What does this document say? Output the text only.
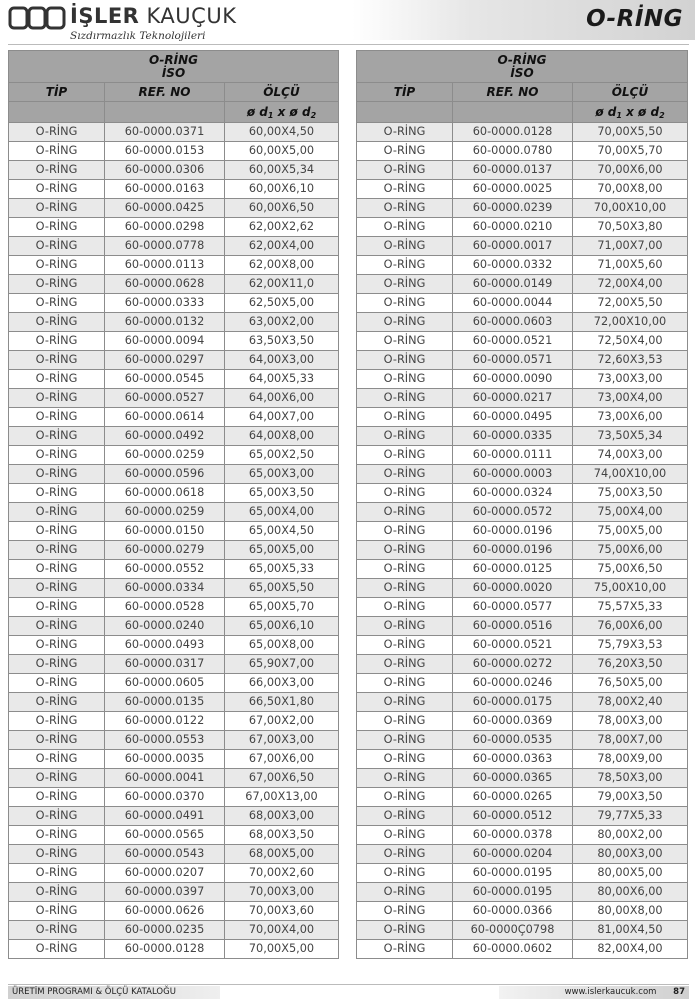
İŞLER KAUÇUK
Sızdırmazlık Teknolojileri
O-RİNG
O-RİNG
İSO		
TİP	REF. NO	ÖLÇÜ
		ø $d_1$ x ø $d_2$
O-RİNG	60-0000.0371	60,00X4,50
O-RİNG	60-0000.0153	60,00X5,00
O-RİNG	60-0000.0306	60,00X5,34
O-RİNG	60-0000.0163	60,00X6,10
O-RİNG	60-0000.0425	60,00X6,50
O-RİNG	60-0000.0298	62,00X2,62
O-RİNG	60-0000.0778	62,00X4,00
O-RİNG	60-0000.0113	62,00X8,00
O-RİNG	60-0000.0628	62,00X11,0
O-RİNG	60-0000.0333	62,50X5,00
O-RİNG	60-0000.0132	63,00X2,00
O-RİNG	60-0000.0094	63,50X3,50
O-RİNG	60-0000.0297	64,00X3,00
O-RİNG	60-0000.0545	64,00X5,33
O-RİNG	60-0000.0527	64,00X6,00
O-RİNG	60-0000.0614	64,00X7,00
O-RİNG	60-0000.0492	64,00X8,00
O-RİNG	60-0000.0259	65,00X2,50
O-RİNG	60-0000.0596	65,00X3,00
O-RİNG	60-0000.0618	65,00X3,50
O-RİNG	60-0000.0259	65,00X4,00
O-RİNG	60-0000.0150	65,00X4,50
O-RİNG	60-0000.0279	65,00X5,00
O-RİNG	60-0000.0552	65,00X5,33
O-RİNG	60-0000.0334	65,00X5,50
O-RİNG	60-0000.0528	65,00X5,70
O-RİNG	60-0000.0240	65,00X6,10
O-RİNG	60-0000.0493	65,00X8,00
O-RİNG	60-0000.0317	65,90X7,00
O-RİNG	60-0000.0605	66,00X3,00
O-RİNG	60-0000.0135	66,50X1,80
O-RİNG	60-0000.0122	67,00X2,00
O-RİNG	60-0000.0553	67,00X3,00
O-RİNG	60-0000.0035	67,00X6,00
O-RİNG	60-0000.0041	67,00X6,50
O-RİNG	60-0000.0370	67,00X13,00
O-RİNG	60-0000.0491	68,00X3,00
O-RİNG	60-0000.0565	68,00X3,50
O-RİNG	60-0000.0543	68,00X5,00
O-RİNG	60-0000.0207	70,00X2,60
O-RİNG	60-0000.0397	70,00X3,00
O-RİNG	60-0000.0626	70,00X3,60
O-RİNG	60-0000.0235	70,00X4,00
O-RİNG	60-0000.0128	70,00X5,00
O-RİNG
İSO		
TİP	REF. NO	ÖLÇÜ
		ø $d_1$ x ø $d_2$
O-RİNG	60-0000.0128	70,00X5,50
O-RİNG	60-0000.0780	70,00X5,70
O-RİNG	60-0000.0137	70,00X6,00
O-RİNG	60-0000.0025	70,00X8,00
O-RİNG	60-0000.0239	70,00X10,00
O-RİNG	60-0000.0210	70,50X3,80
O-RİNG	60-0000.0017	71,00X7,00
O-RİNG	60-0000.0332	71,00X5,60
O-RİNG	60-0000.0149	72,00X4,00
O-RİNG	60-0000.0044	72,00X5,50
O-RİNG	60-0000.0603	72,00X10,00
O-RİNG	60-0000.0521	72,50X4,00
O-RİNG	60-0000.0571	72,60X3,53
O-RİNG	60-0000.0090	73,00X3,00
O-RİNG	60-0000.0217	73,00X4,00
O-RİNG	60-0000.0495	73,00X6,00
O-RİNG	60-0000.0335	73,50X5,34
O-RİNG	60-0000.0111	74,00X3,00
O-RİNG	60-0000.0003	74,00X10,00
O-RİNG	60-0000.0324	75,00X3,50
O-RİNG	60-0000.0572	75,00X4,00
O-RİNG	60-0000.0196	75,00X5,00
O-RİNG	60-0000.0196	75,00X6,00
O-RİNG	60-0000.0125	75,00X6,50
O-RİNG	60-0000.0020	75,00X10,00
O-RİNG	60-0000.0577	75,57X5,33
O-RİNG	60-0000.0516	76,00X6,00
O-RİNG	60-0000.0521	75,79X3,53
O-RİNG	60-0000.0272	76,20X3,50
O-RİNG	60-0000.0246	76,50X5,00
O-RİNG	60-0000.0175	78,00X2,40
O-RİNG	60-0000.0369	78,00X3,00
O-RİNG	60-0000.0535	78,00X7,00
O-RİNG	60-0000.0363	78,00X9,00
O-RİNG	60-0000.0365	78,50X3,00
O-RİNG	60-0000.0265	79,00X3,50
O-RİNG	60-0000.0512	79,77X5,33
O-RİNG	60-0000.0378	80,00X2,00
O-RİNG	60-0000.0204	80,00X3,00
O-RİNG	60-0000.0195	80,00X5,00
O-RİNG	60-0000.0195	80,00X6,00
O-RİNG	60-0000.0366	80,00X8,00
O-RİNG	60-0000Ç0798	81,00X4,50
O-RİNG	60-0000.0602	82,00X4,00
ÜRETİM PROGRAMI & ÖLÇÜ KATALOĞU	www.islerkaucuk.com 87
